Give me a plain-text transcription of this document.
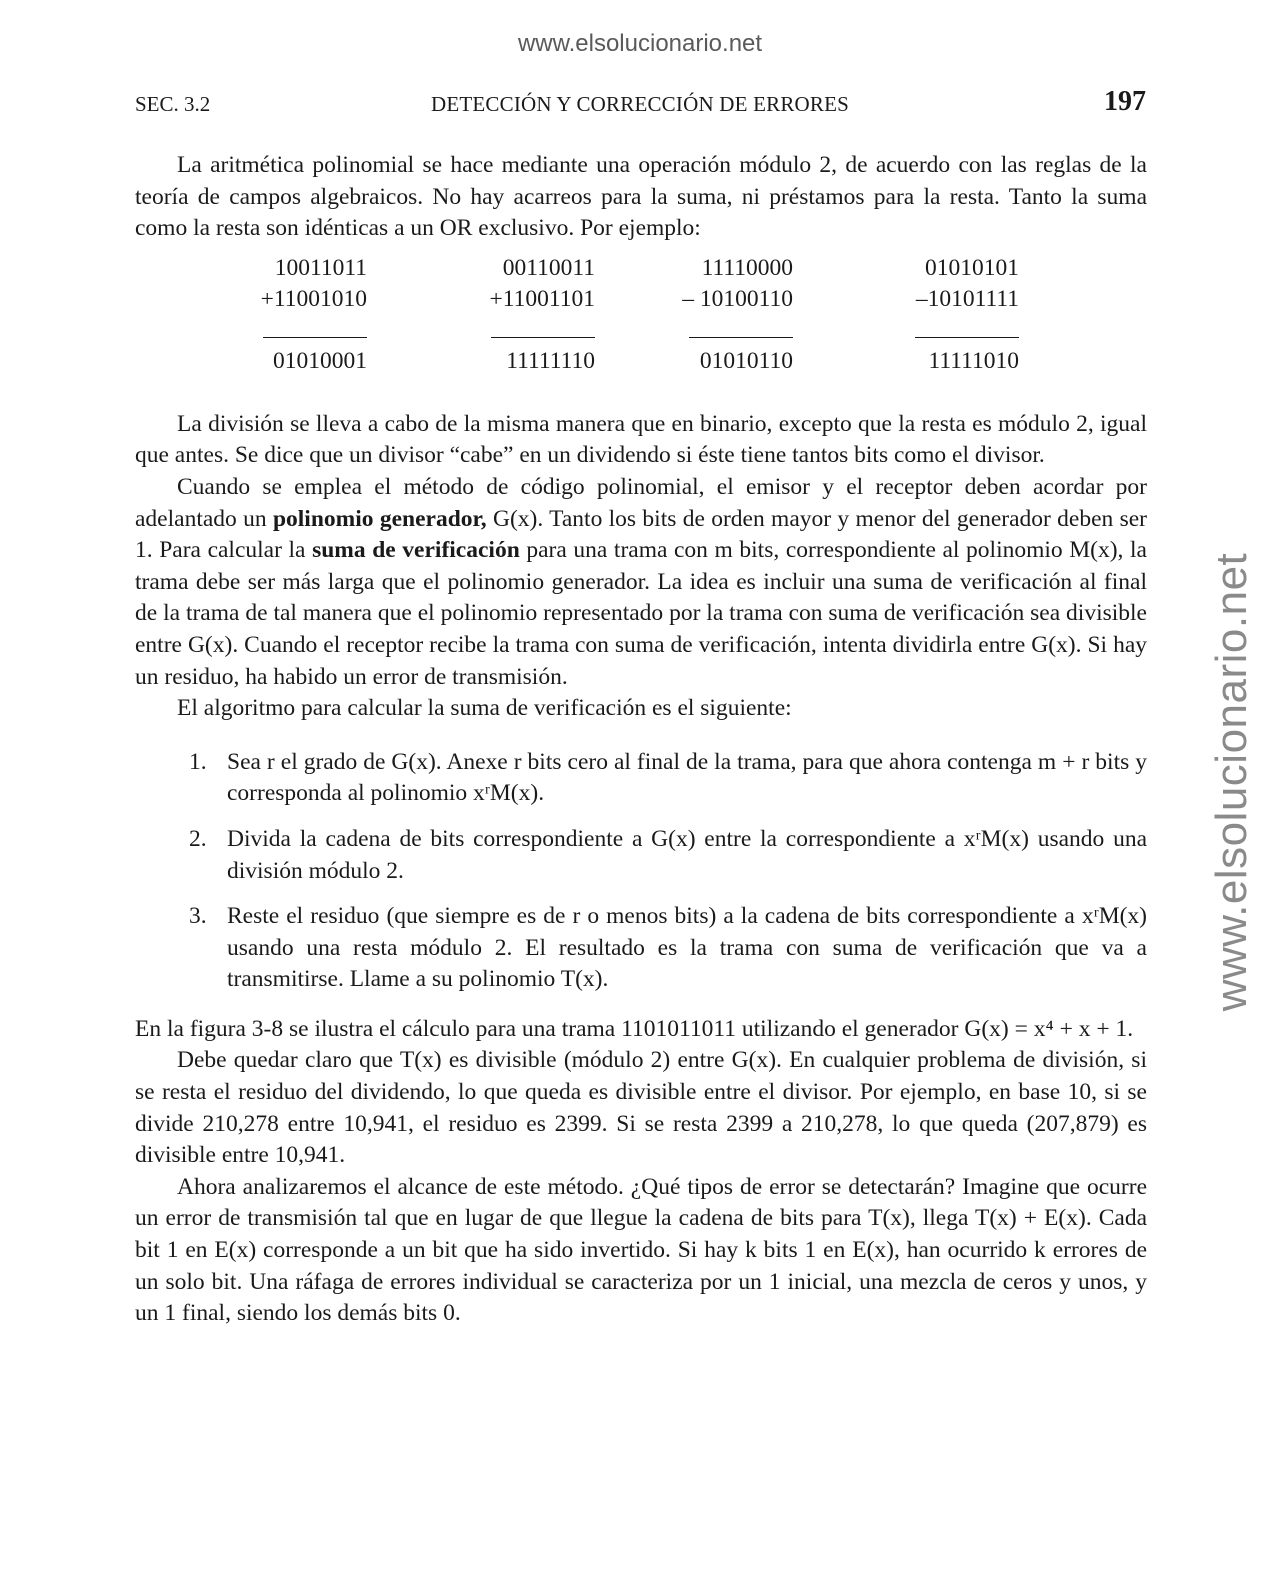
www.elsolucionario.net
www.elsolucionario.net
SEC. 3.2	DETECCIÓN Y CORRECCIÓN DE ERRORES	197

La aritmética polinomial se hace mediante una operación módulo 2, de acuerdo con las reglas de la teoría de campos algebraicos. No hay acarreos para la suma, ni préstamos para la resta. Tanto la suma como la resta son idénticas a un OR exclusivo. Por ejemplo:

10011011
+11001010
01010001
00110011
+11001101
11111110
11110000
– 10100110
01010110
01010101
–10101111
11111010

La división se lleva a cabo de la misma manera que en binario, excepto que la resta es módulo 2, igual que antes. Se dice que un divisor “cabe” en un dividendo si éste tiene tantos bits como el divisor.

Cuando se emplea el método de código polinomial, el emisor y el receptor deben acordar por adelantado un polinomio generador, G(x). Tanto los bits de orden mayor y menor del generador deben ser 1. Para calcular la suma de verificación para una trama con m bits, correspondiente al polinomio M(x), la trama debe ser más larga que el polinomio generador. La idea es incluir una suma de verificación al final de la trama de tal manera que el polinomio representado por la trama con suma de verificación sea divisible entre G(x). Cuando el receptor recibe la trama con suma de verificación, intenta dividirla entre G(x). Si hay un residuo, ha habido un error de transmisión.

El algoritmo para calcular la suma de verificación es el siguiente:

1. Sea r el grado de G(x). Anexe r bits cero al final de la trama, para que ahora contenga m + r bits y corresponda al polinomio xʳM(x).
2. Divida la cadena de bits correspondiente a G(x) entre la correspondiente a xʳM(x) usando una división módulo 2.
3. Reste el residuo (que siempre es de r o menos bits) a la cadena de bits correspondiente a xʳM(x) usando una resta módulo 2. El resultado es la trama con suma de verificación que va a transmitirse. Llame a su polinomio T(x).

En la figura 3-8 se ilustra el cálculo para una trama 1101011011 utilizando el generador G(x) = x⁴ + x + 1.

Debe quedar claro que T(x) es divisible (módulo 2) entre G(x). En cualquier problema de división, si se resta el residuo del dividendo, lo que queda es divisible entre el divisor. Por ejemplo, en base 10, si se divide 210,278 entre 10,941, el residuo es 2399. Si se resta 2399 a 210,278, lo que queda (207,879) es divisible entre 10,941.

Ahora analizaremos el alcance de este método. ¿Qué tipos de error se detectarán? Imagine que ocurre un error de transmisión tal que en lugar de que llegue la cadena de bits para T(x), llega T(x) + E(x). Cada bit 1 en E(x) corresponde a un bit que ha sido invertido. Si hay k bits 1 en E(x), han ocurrido k errores de un solo bit. Una ráfaga de errores individual se caracteriza por un 1 inicial, una mezcla de ceros y unos, y un 1 final, siendo los demás bits 0.
